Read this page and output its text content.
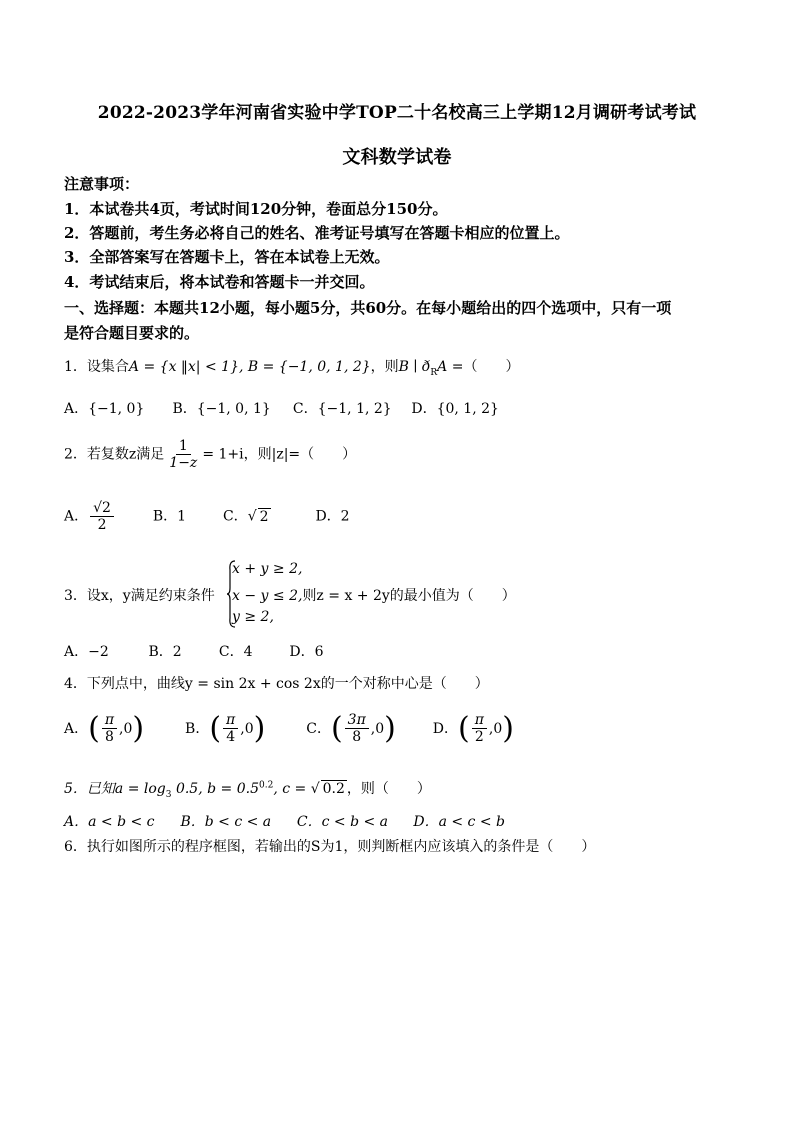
2022-2023学年河南省实验中学TOP二十名校高三上学期12月调研考试考试
文科数学试卷
注意事项：
1．本试卷共4页，考试时间120分钟，卷面总分150分。
2．答题前，考生务必将自己的姓名、准考证号填写在答题卡相应的位置上。
3．全部答案写在答题卡上，答在本试卷上无效。
4．考试结束后，将本试卷和答题卡一并交回。
一、选择题：本题共12小题，每小题5分，共60分。在每小题给出的四个选项中，只有一项
是符合题目要求的。
1．设集合A = {x ‖x| < 1}, B = {−1, 0, 1, 2}，则B ∣ $ð_RA$ =（　　）
A．{−1, 0} B．{−1, 0, 1} C．{−1, 1, 2} D．{0, 1, 2}
2．若复数z满足 $\frac{1}{1-z} = 1+i$，则|z|=（　　）
A． $\frac{√2}{2}$	B．1	C．√ 2	D．2
3．设x，y满足约束条件
x + y ≥ 2,
x − y ≤ 2,则z = x + 2y的最小值为（　　）
y ≥ 2,
A．−2	B．2	C．4	D．6
4．下列点中，曲线y = sin 2x + cos 2x的一个对称中心是（　　）
A．( $\frac{\pi}{8} ,0$)	B．( $\frac{\pi}{4} ,0$)	C．( $\frac{3\pi}{8} ,0$)	D．( $\frac{\pi}{2} ,0$)
5．已知$a = \log_3 0.5$, $b = 0.5^{0.2}$, c = √ 0.2 ，则（　　）
A．a < b < c B．b < c < a C．c < b < a D．a < c < b
6．执行如图所示的程序框图，若输出的S为1，则判断框内应该填入的条件是（　　）
